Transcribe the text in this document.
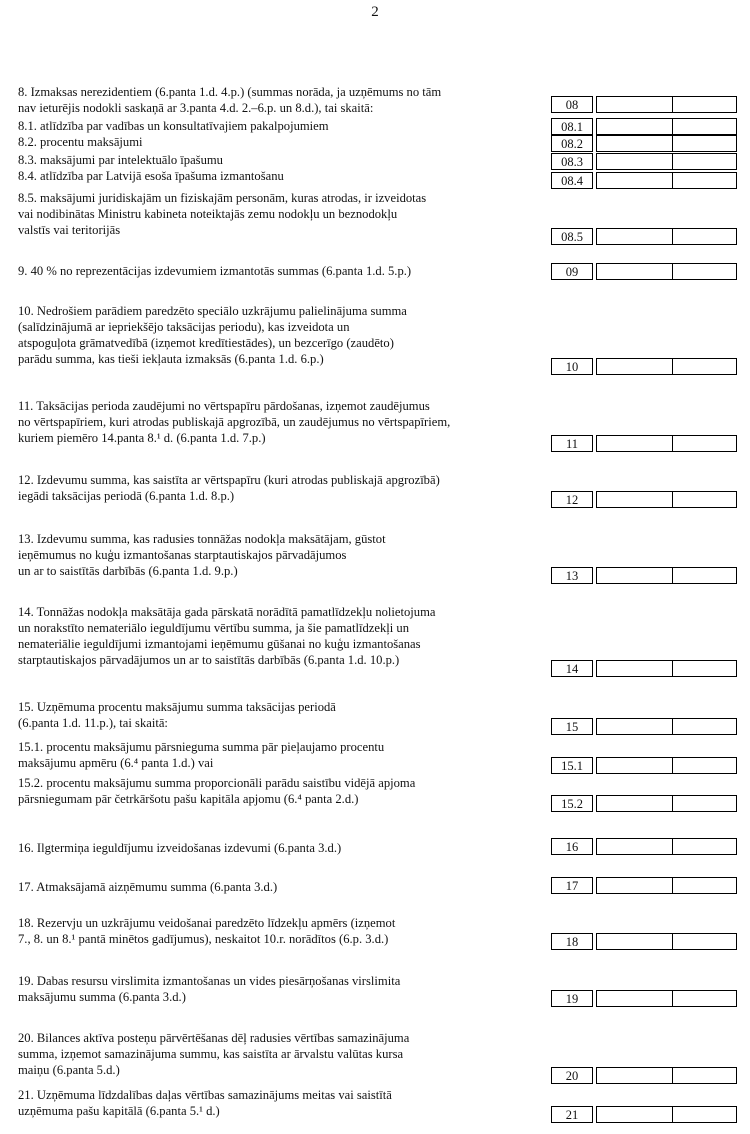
2
8. Izmaksas nerezidentiem (6.panta 1.d. 4.p.) (summas norāda, ja uzņēmums no tām
nav ieturējis nodokli saskaņā ar 3.panta 4.d. 2.–6.p. un 8.d.), tai skaitā:	08
8.1. atlīdzība par vadības un konsultatīvajiem pakalpojumiem	08.1
8.2. procentu maksājumi	08.2
8.3. maksājumi par intelektuālo īpašumu	08.3
8.4. atlīdzība par Latvijā esoša īpašuma izmantošanu	08.4
8.5. maksājumi juridiskajām un fiziskajām personām, kuras atrodas, ir izveidotas
vai nodibinātas Ministru kabineta noteiktajās zemu nodokļu un beznodokļu
valstīs vai teritorijās	08.5
9. 40 % no reprezentācijas izdevumiem izmantotās summas (6.panta 1.d. 5.p.)	09
10. Nedrošiem parādiem paredzēto speciālo uzkrājumu palielinājuma summa
(salīdzinājumā ar iepriekšējo taksācijas periodu), kas izveidota un
atspoguļota grāmatvedībā (izņemot kredītiestādes), un bezcerīgo (zaudēto)
parādu summa, kas tieši iekļauta izmaksās (6.panta 1.d. 6.p.)
10
11. Taksācijas perioda zaudējumi no vērtspapīru pārdošanas, izņemot zaudējumus
no vērtspapīriem, kuri atrodas publiskajā apgrozībā, un zaudējumus no vērtspapīriem,
kuriem piemēro 14.panta 8.¹ d. (6.panta 1.d. 7.p.)	11
12. Izdevumu summa, kas saistīta ar vērtspapīru (kuri atrodas publiskajā apgrozībā)
iegādi taksācijas periodā (6.panta 1.d. 8.p.)	12
13. Izdevumu summa, kas radusies tonnāžas nodokļa maksātājam, gūstot
ieņēmumus no kuģu izmantošanas starptautiskajos pārvadājumos
un ar to saistītās darbībās (6.panta 1.d. 9.p.)	13
14. Tonnāžas nodokļa maksātāja gada pārskatā norādītā pamatlīdzekļu nolietojuma
un norakstīto nemateriālo ieguldījumu vērtību summa, ja šie pamatlīdzekļi un
nemateriālie ieguldījumi izmantojami ieņēmumu gūšanai no kuģu izmantošanas
starptautiskajos pārvadājumos un ar to saistītās darbībās (6.panta 1.d. 10.p.)
14
15. Uzņēmuma procentu maksājumu summa taksācijas periodā
(6.panta 1.d. 11.p.), tai skaitā:	15
15.1. procentu maksājumu pārsnieguma summa pār pieļaujamo procentu
maksājumu apmēru (6.⁴ panta 1.d.) vai	15.1
15.2. procentu maksājumu summa proporcionāli parādu saistību vidējā apjoma
pārsniegumam pār četrkāršotu pašu kapitāla apjomu (6.⁴ panta 2.d.)	15.2
16. Ilgtermiņa ieguldījumu izveidošanas izdevumi (6.panta 3.d.)	16
17. Atmaksājamā aizņēmumu summa (6.panta 3.d.)	17
18. Rezervju un uzkrājumu veidošanai paredzēto līdzekļu apmērs (izņemot
7., 8. un 8.¹ pantā minētos gadījumus), neskaitot 10.r. norādītos (6.p. 3.d.)	18
19. Dabas resursu virslimita izmantošanas un vides piesārņošanas virslimita
maksājumu summa (6.panta 3.d.)	19
20. Bilances aktīva posteņu pārvērtēšanas dēļ radusies vērtības samazinājuma
summa, izņemot samazinājuma summu, kas saistīta ar ārvalstu valūtas kursa
maiņu (6.panta 5.d.)	20
21. Uzņēmuma līdzdalības daļas vērtības samazinājums meitas vai saistītā
uzņēmuma pašu kapitālā (6.panta 5.¹ d.)	21
